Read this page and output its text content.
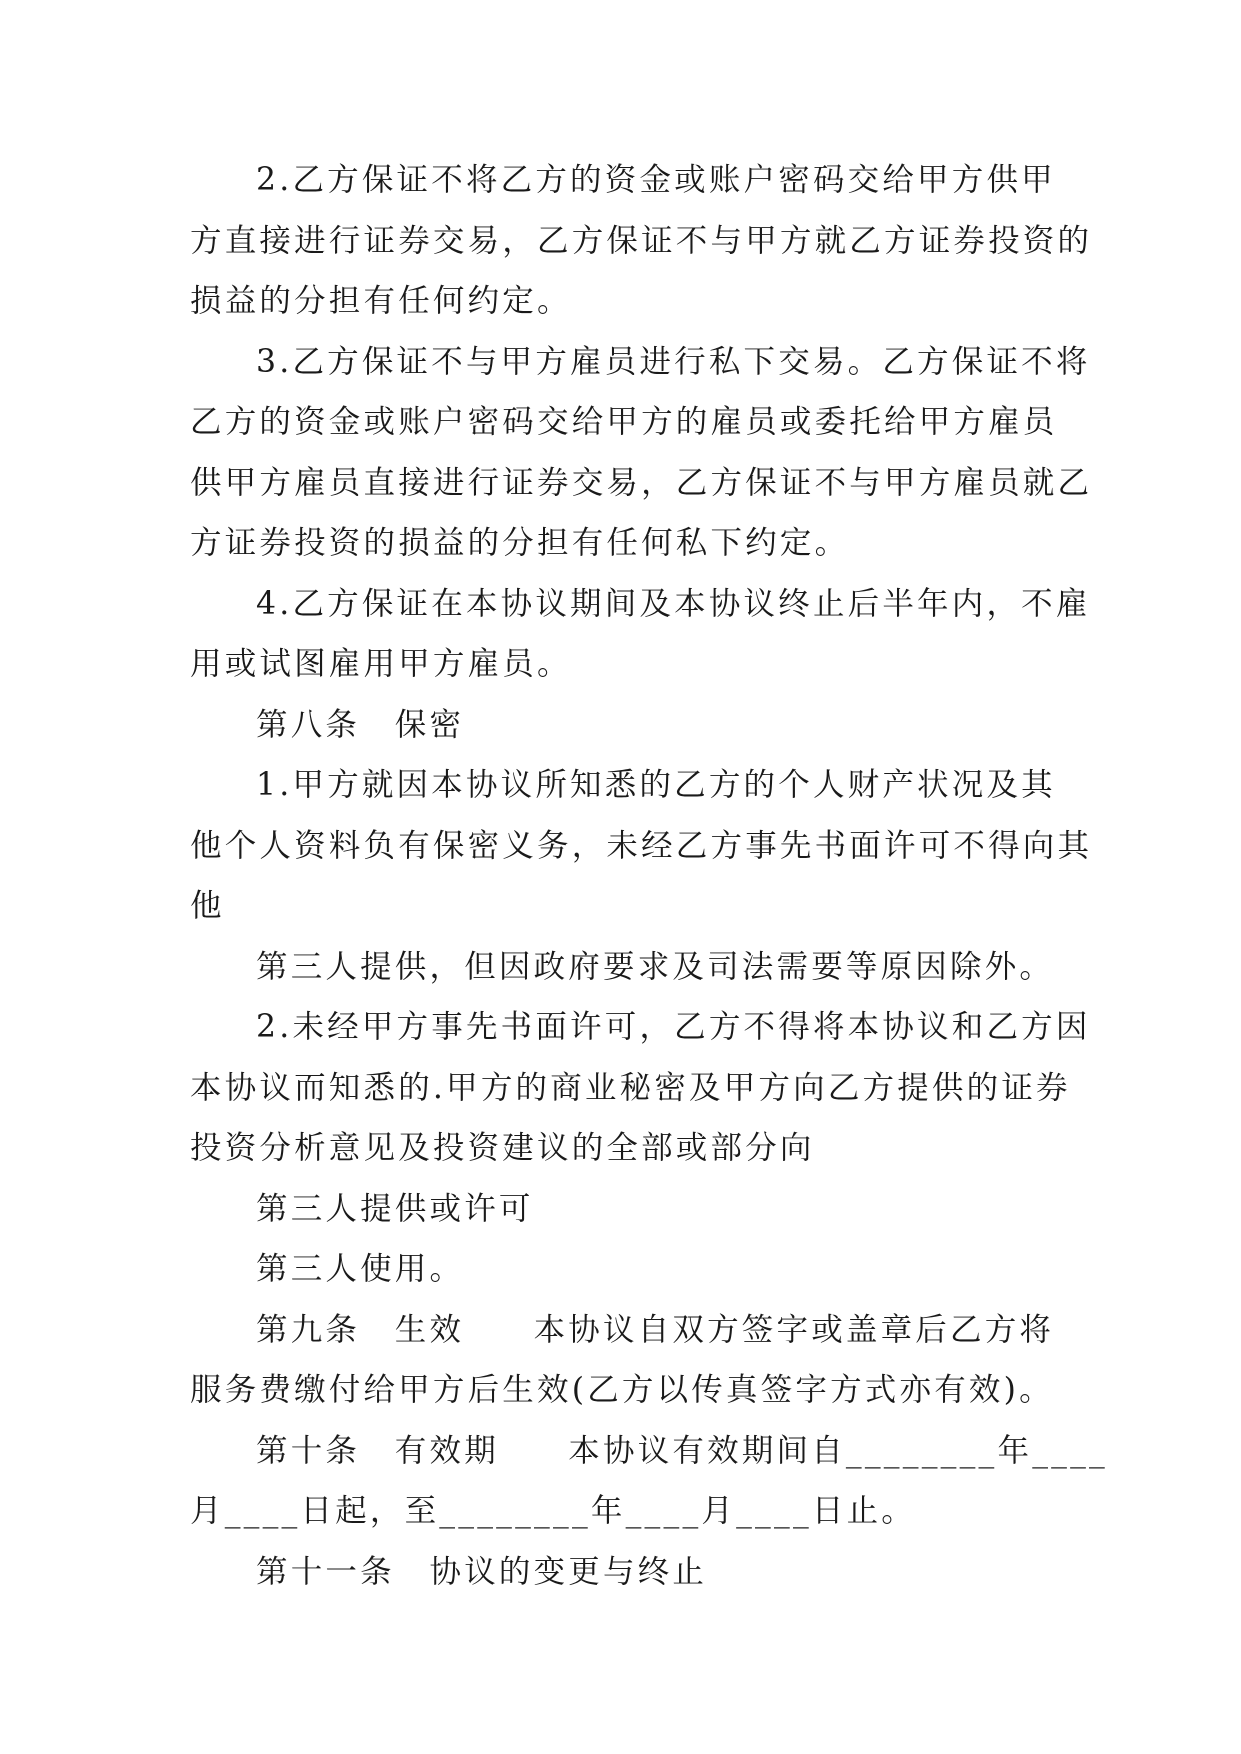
2.乙方保证不将乙方的资金或账户密码交给甲方供甲
方直接进行证券交易，乙方保证不与甲方就乙方证券投资的
损益的分担有任何约定。
3.乙方保证不与甲方雇员进行私下交易。乙方保证不将
乙方的资金或账户密码交给甲方的雇员或委托给甲方雇员
供甲方雇员直接进行证券交易，乙方保证不与甲方雇员就乙
方证券投资的损益的分担有任何私下约定。
4.乙方保证在本协议期间及本协议终止后半年内，不雇
用或试图雇用甲方雇员。
第八条　保密
1.甲方就因本协议所知悉的乙方的个人财产状况及其
他个人资料负有保密义务，未经乙方事先书面许可不得向其
他
第三人提供，但因政府要求及司法需要等原因除外。
2.未经甲方事先书面许可，乙方不得将本协议和乙方因
本协议而知悉的.甲方的商业秘密及甲方向乙方提供的证券
投资分析意见及投资建议的全部或部分向
第三人提供或许可
第三人使用。
第九条　生效　　本协议自双方签字或盖章后乙方将
服务费缴付给甲方后生效(乙方以传真签字方式亦有效)。
第十条　有效期　　本协议有效期间自________年____
月____日起，至________年____月____日止。
第十一条　协议的变更与终止
